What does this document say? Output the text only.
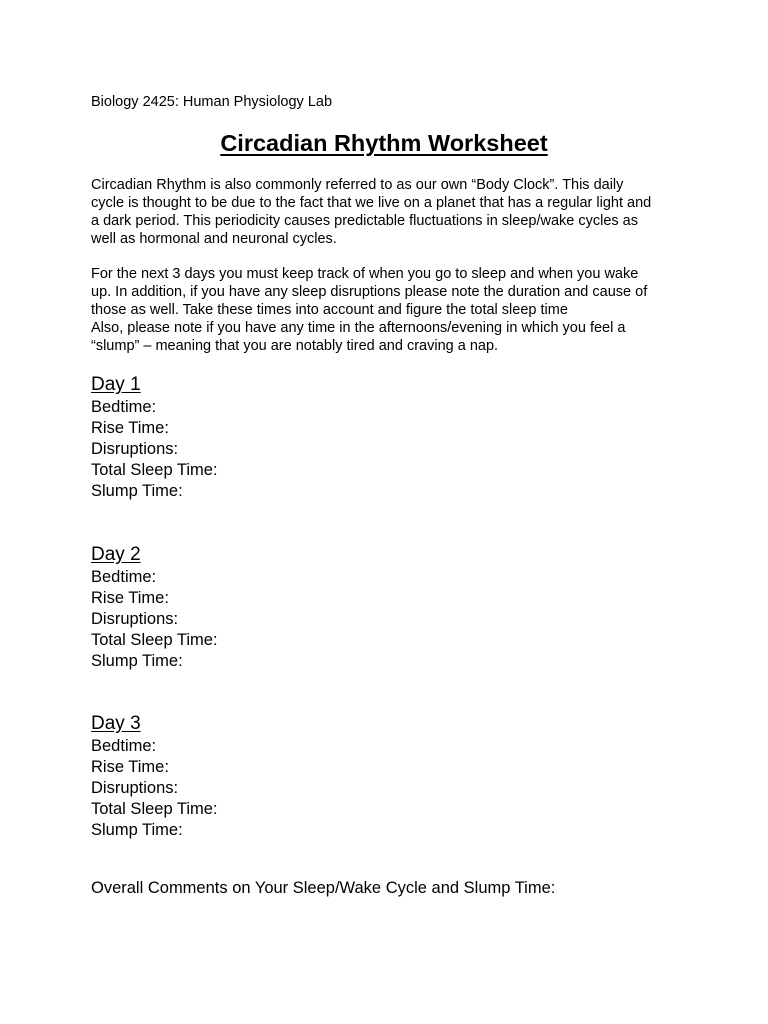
Biology 2425: Human Physiology Lab
Circadian Rhythm Worksheet
Circadian Rhythm is also commonly referred to as our own “Body Clock”. This daily
cycle is thought to be due to the fact that we live on a planet that has a regular light and
a dark period. This periodicity causes predictable fluctuations in sleep/wake cycles as
well as hormonal and neuronal cycles.
For the next 3 days you must keep track of when you go to sleep and when you wake
up. In addition, if you have any sleep disruptions please note the duration and cause of
those as well. Take these times into account and figure the total sleep time
Also, please note if you have any time in the afternoons/evening in which you feel a
“slump” – meaning that you are notably tired and craving a nap.
Day 1
Bedtime:
Rise Time:
Disruptions:
Total Sleep Time:
Slump Time:
Day 2
Bedtime:
Rise Time:
Disruptions:
Total Sleep Time:
Slump Time:
Day 3
Bedtime:
Rise Time:
Disruptions:
Total Sleep Time:
Slump Time:
Overall Comments on Your Sleep/Wake Cycle and Slump Time:
